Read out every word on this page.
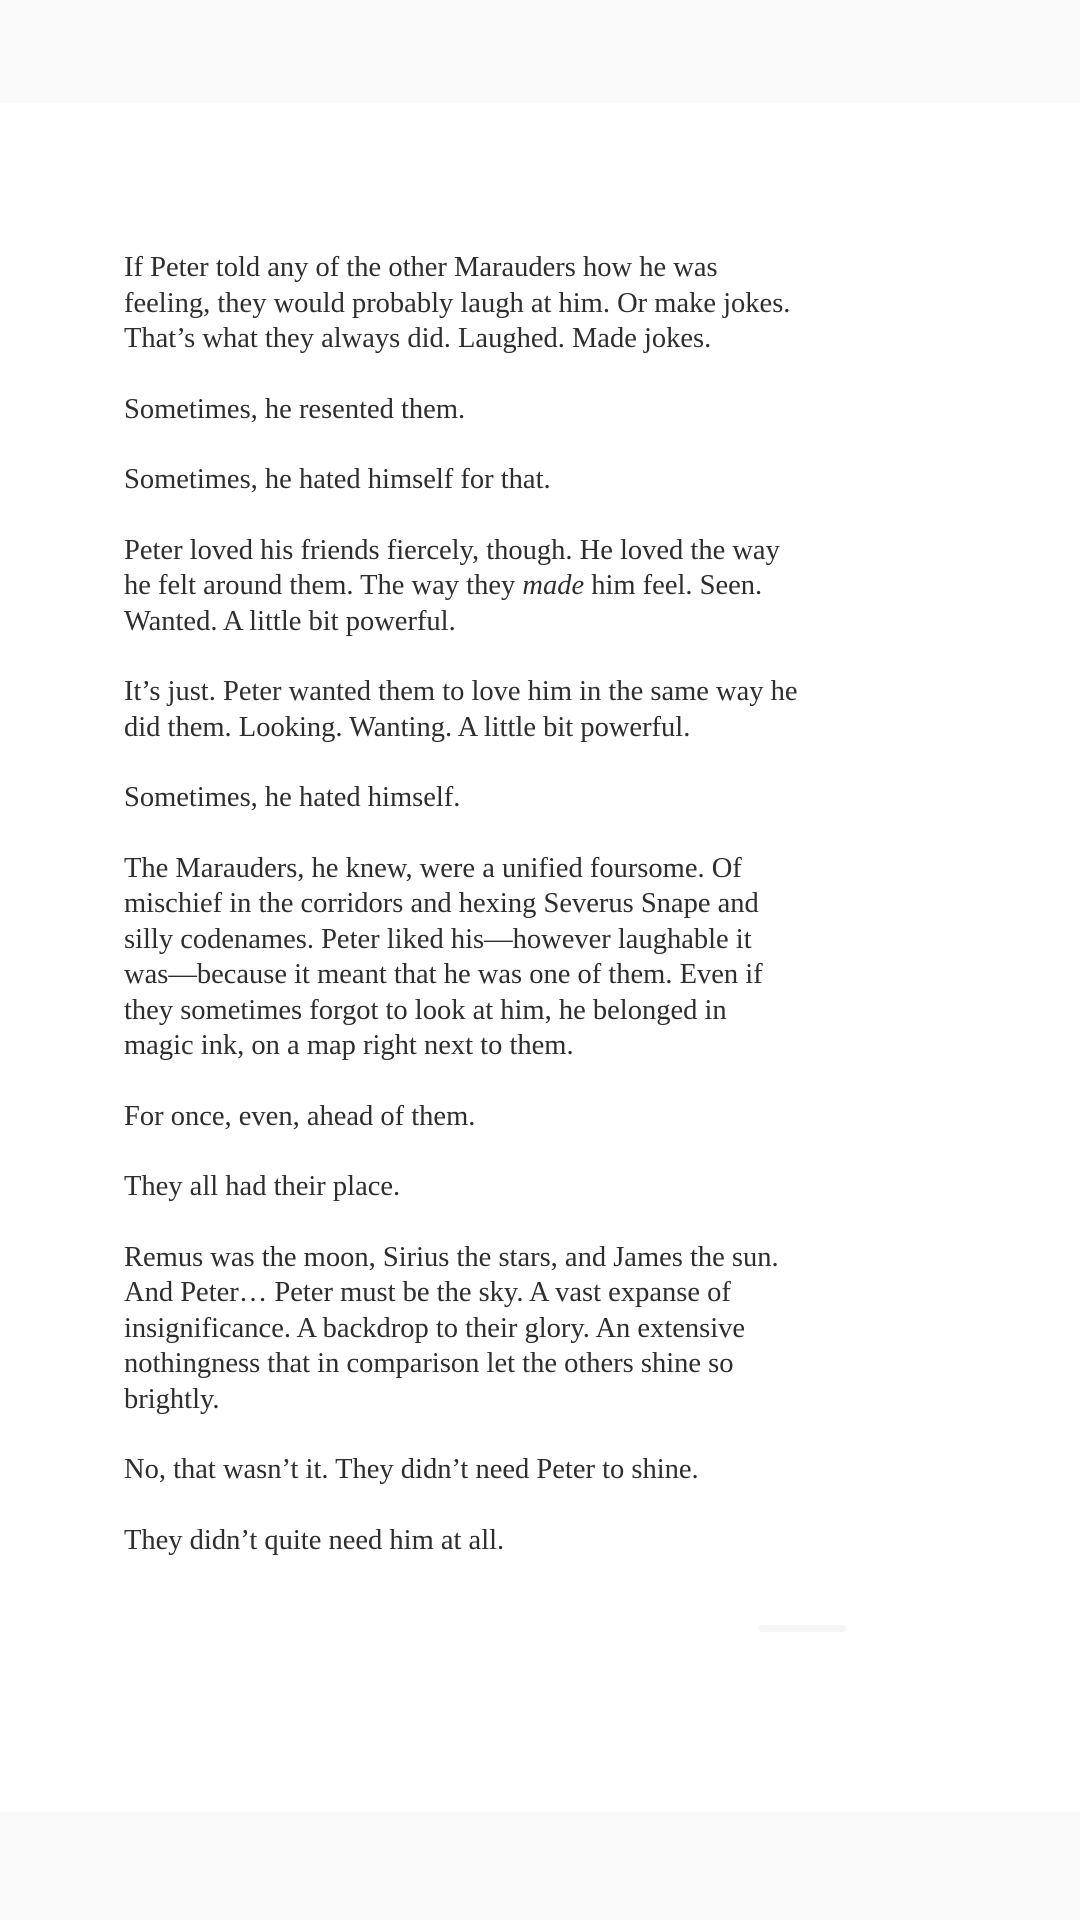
If Peter told any of the other Marauders how he was
feeling, they would probably laugh at him. Or make jokes.
That’s what they always did. Laughed. Made jokes.

Sometimes, he resented them.

Sometimes, he hated himself for that.

Peter loved his friends fiercely, though. He loved the way
he felt around them. The way they made him feel. Seen.
Wanted. A little bit powerful.

It’s just. Peter wanted them to love him in the same way he
did them. Looking. Wanting. A little bit powerful.

Sometimes, he hated himself.

The Marauders, he knew, were a unified foursome. Of
mischief in the corridors and hexing Severus Snape and
silly codenames. Peter liked his—however laughable it
was—because it meant that he was one of them. Even if
they sometimes forgot to look at him, he belonged in
magic ink, on a map right next to them.

For once, even, ahead of them.

They all had their place.

Remus was the moon, Sirius the stars, and James the sun.
And Peter… Peter must be the sky. A vast expanse of
insignificance. A backdrop to their glory. An extensive
nothingness that in comparison let the others shine so
brightly.

No, that wasn’t it. They didn’t need Peter to shine.

They didn’t quite need him at all.
